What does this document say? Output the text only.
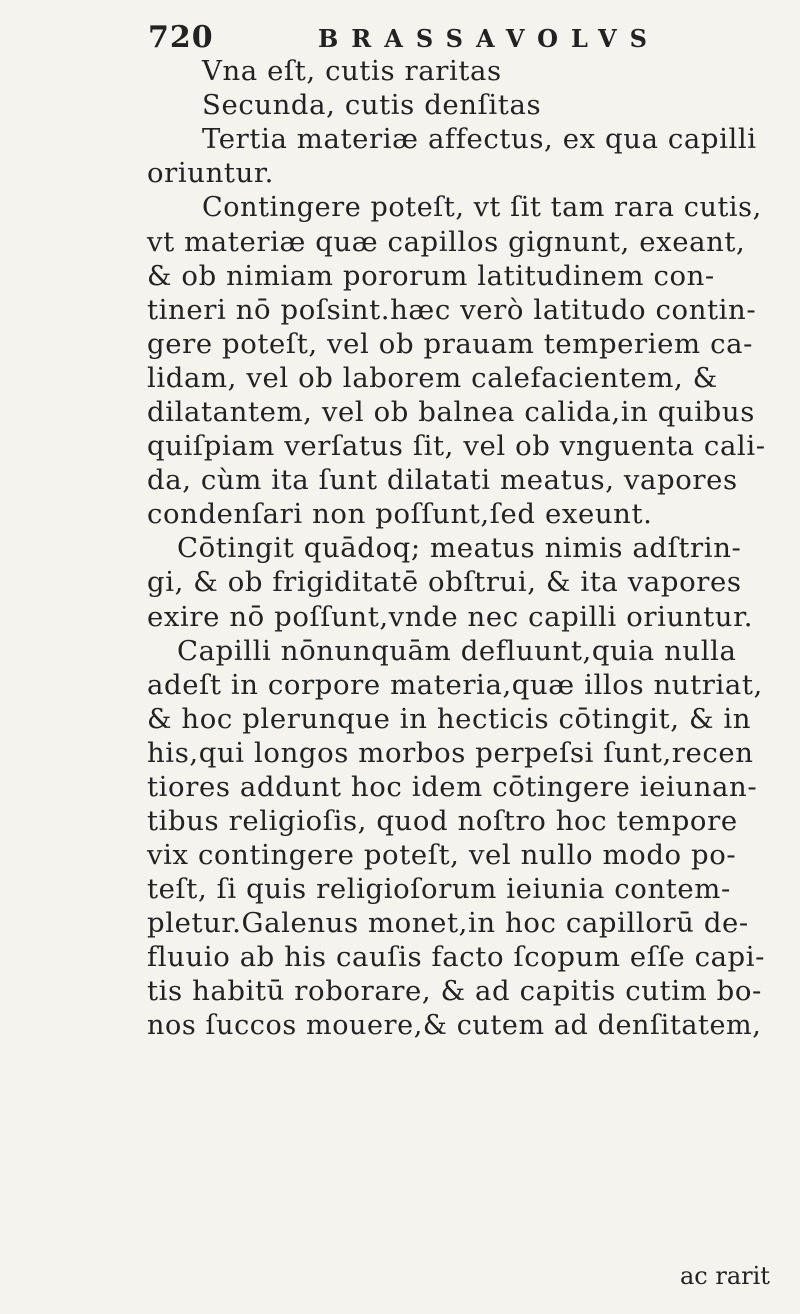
720	BRASSAVOLVS
Vna eſt, cutis raritas
Secunda, cutis denſitas
Tertia materiæ affectus, ex qua capilli
oriuntur.
Contingere poteſt, vt ſit tam rara cutis,
vt materiæ quæ capillos gignunt, exeant,
& ob nimiam pororum latitudinem con-
tineri nō poſsint.hæc verò latitudo contin-
gere poteſt, vel ob prauam temperiem ca-
lidam, vel ob laborem calefacientem, &
dilatantem, vel ob balnea calida,in quibus
quiſpiam verſatus ſit, vel ob vnguenta cali-
da, cùm ita ſunt dilatati meatus, vapores
condenſari non poſſunt,ſed exeunt.
Cōtingit quādoq; meatus nimis adſtrin-
gi, & ob frigiditatē obſtrui, & ita vapores
exire nō poſſunt,vnde nec capilli oriuntur.
Capilli nōnunquām defluunt,quia nulla
adeſt in corpore materia,quæ illos nutriat,
& hoc plerunque in hecticis cōtingit, & in
his,qui longos morbos perpeſsi ſunt,recen
tiores addunt hoc idem cōtingere ieiunan-
tibus religioſis, quod noſtro hoc tempore
vix contingere poteſt, vel nullo modo po-
teſt, ſi quis religioſorum ieiunia contem-
pletur.Galenus monet,in hoc capillorū de-
fluuio ab his cauſis facto ſcopum eſſe capi-
tis habitū roborare, & ad capitis cutim bo-
nos ſuccos mouere,& cutem ad denſitatem,
ac rarit
